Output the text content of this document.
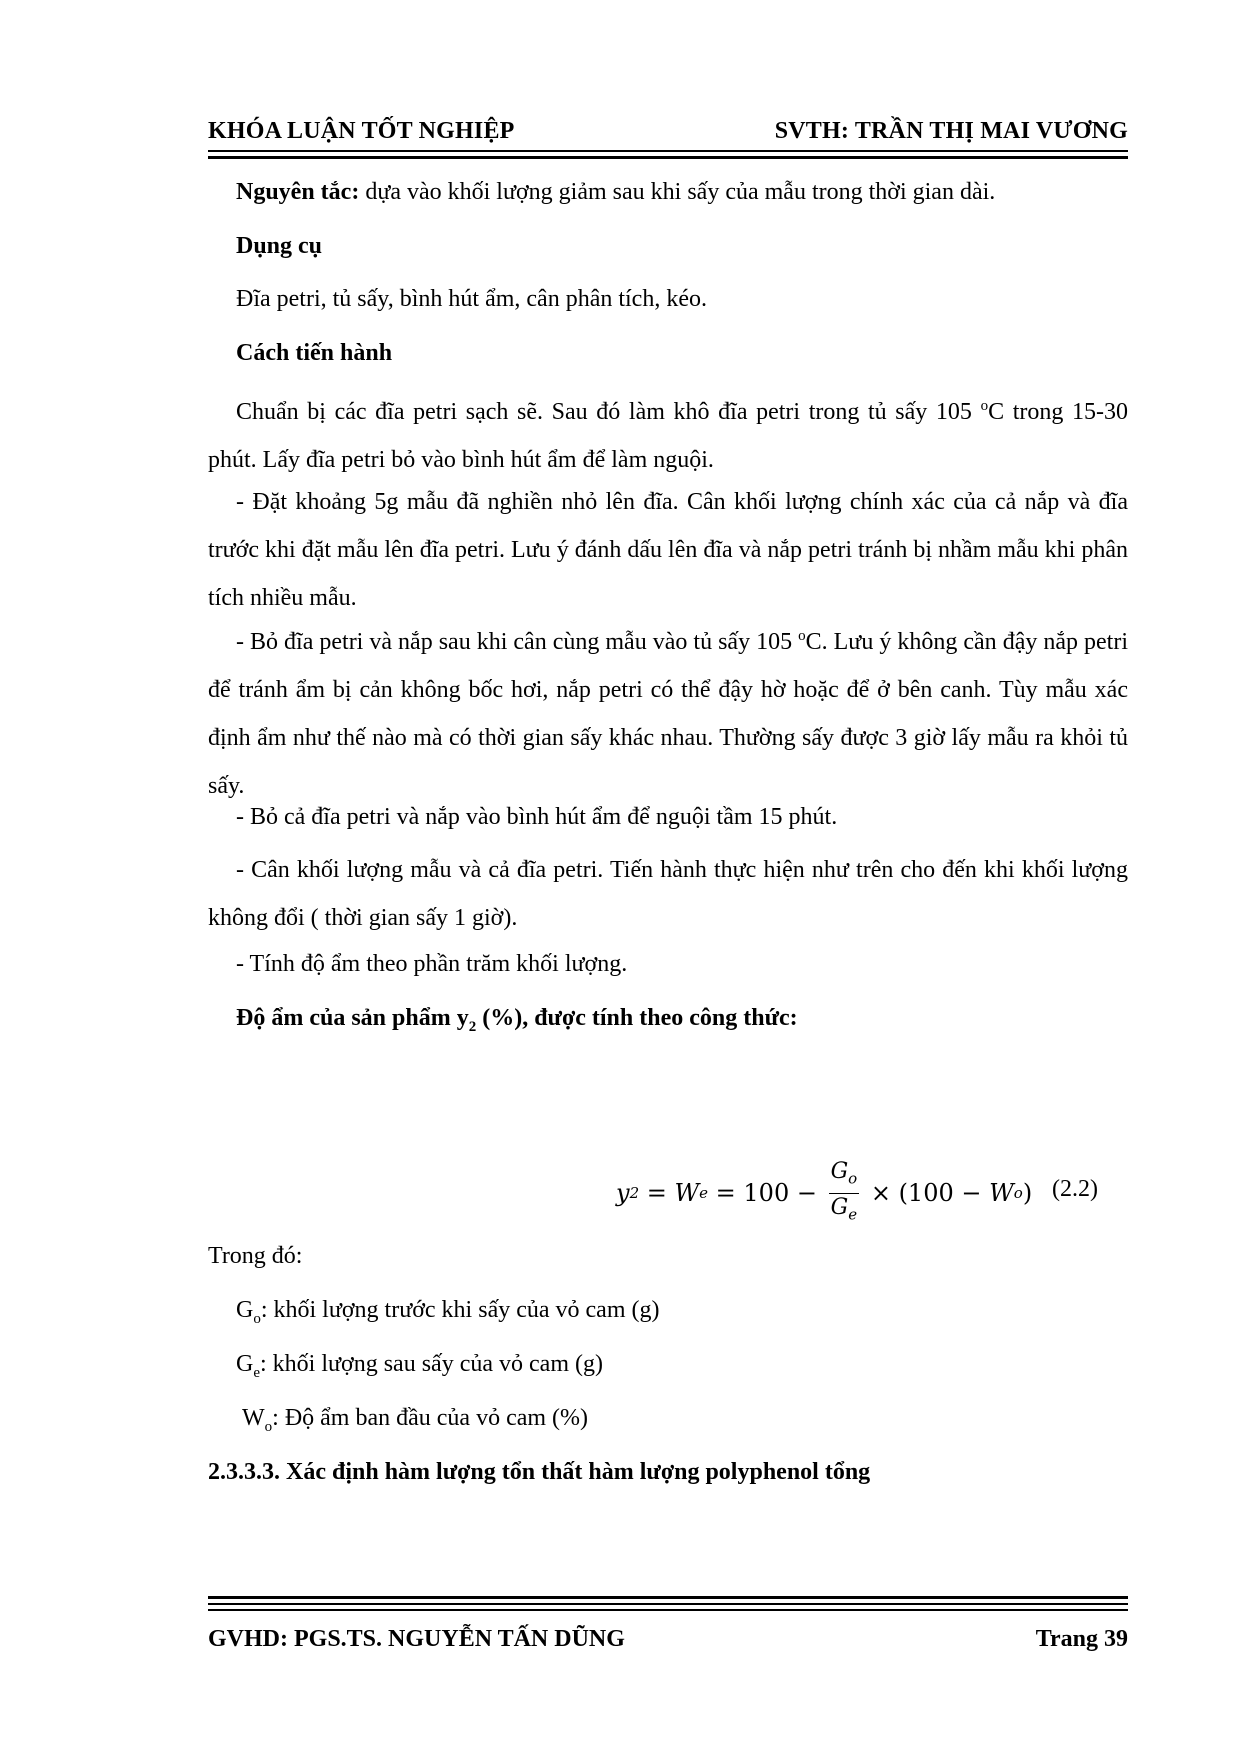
KHÓA LUẬN TỐT NGHIỆP	SVTH: TRẦN THỊ MAI VƯƠNG

Nguyên tắc: dựa vào khối lượng giảm sau khi sấy của mẫu trong thời gian dài.

Dụng cụ

Đĩa petri, tủ sấy, bình hút ẩm, cân phân tích, kéo.

Cách tiến hành

Chuẩn bị các đĩa petri sạch sẽ. Sau đó làm khô đĩa petri trong tủ sấy 105 $^o$C trong 15-30 phút. Lấy đĩa petri bỏ vào bình hút ẩm để làm nguội.

- Đặt khoảng 5g mẫu đã nghiền nhỏ lên đĩa. Cân khối lượng chính xác của cả nắp và đĩa trước khi đặt mẫu lên đĩa petri. Lưu ý đánh dấu lên đĩa và nắp petri tránh bị nhầm mẫu khi phân tích nhiều mẫu.

- Bỏ đĩa petri và nắp sau khi cân cùng mẫu vào tủ sấy 105 $^o$C. Lưu ý không cần đậy nắp petri để tránh ẩm bị cản không bốc hơi, nắp petri có thể đậy hờ hoặc để ở bên canh. Tùy mẫu xác định ẩm như thế nào mà có thời gian sấy khác nhau. Thường sấy được 3 giờ lấy mẫu ra khỏi tủ sấy.

- Bỏ cả đĩa petri và nắp vào bình hút ẩm để nguội tầm 15 phút.

- Cân khối lượng mẫu và cả đĩa petri. Tiến hành thực hiện như trên cho đến khi khối lượng không đổi ( thời gian sấy 1 giờ).

- Tính độ ẩm theo phần trăm khối lượng.

Độ ẩm của sản phẩm $y_2$ (%), được tính theo công thức:

y 2 = W $e = 100 - \frac{G_o}{G_e} \times (100 - W$ o ) (2.2)

Trong đó:

$G_o$: khối lượng trước khi sấy của vỏ cam (g)

$G_e$: khối lượng sau sấy của vỏ cam (g)

$W_o$: Độ ẩm ban đầu của vỏ cam (%)

2.3.3.3. Xác định hàm lượng tổn thất hàm lượng polyphenol tổng

GVHD: PGS.TS. NGUYỄN TẤN DŨNG	Trang 39
